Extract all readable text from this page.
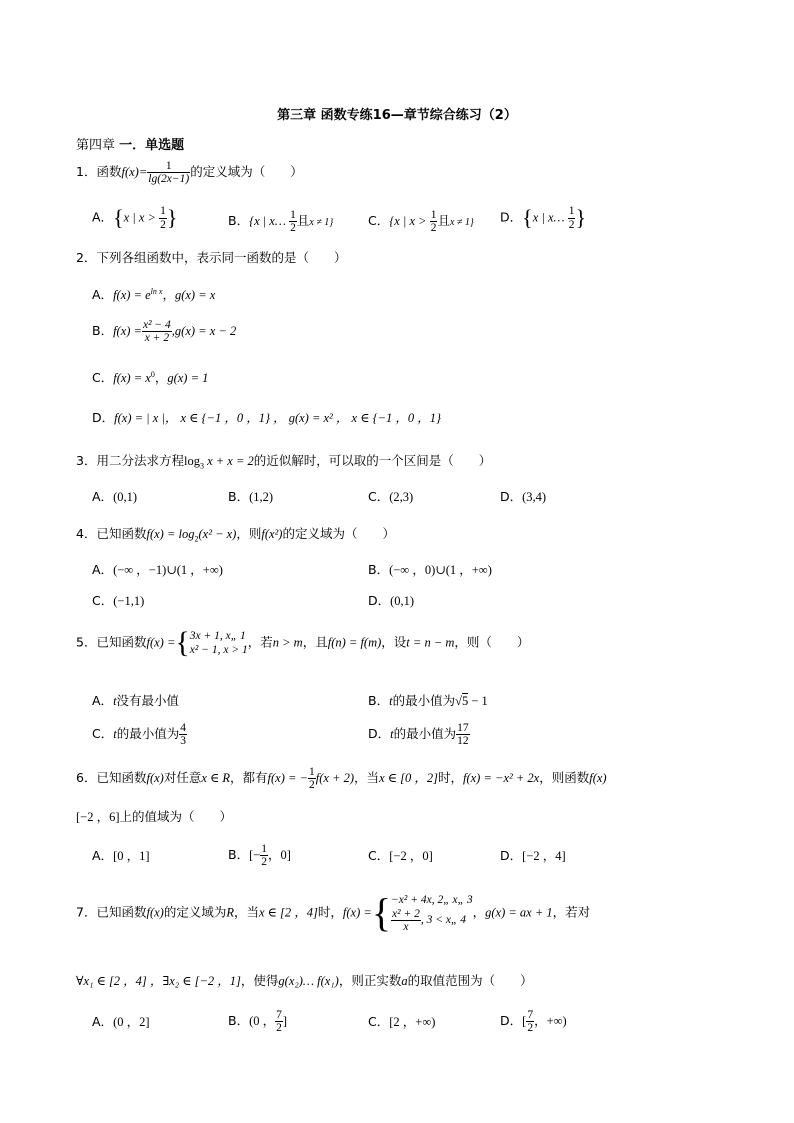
第三章 函数专练16—章节综合练习（2）
第四章 一．单选题
1．函数$f(x)= \frac{1}{\lg(2x-1)}$ 的定义域为（　　）
A．{x | $x > \frac{1}{2}$ }	B．{x | x… $\frac{1}{2}$ 且x ≠ 1}	C．{x | $x > \frac{1}{2}$ 且x ≠ 1} D．{x | x… $\frac{1}{2}$ }
2．下列各组函数中，表示同一函数的是（　　）
A．$f(x) = e^{ln x}$，g(x) = x
B．$f(x) = \frac{\text{x² − 4}}{x + 2} ,g(x) = x - 2$
C．$f(x) = x^0$，g(x) = 1
D．f(x) = | x |， x ∈ {−1 ，0 ，1} ， g(x) = x² ， x ∈ {−1 ，0 ，1}
3．用二分法求方程$\log_3 x + x = 2$的近似解时，可以取的一个区间是（　　）
A．(0,1)	B．(1,2)	C．(2,3)	D．(3,4)
4．已知函数$f(x) = \log_2(x^2 - x)$，则f(x²)的定义域为（　　）
A．(−∞ ，−1)∪(1 ，+∞)	B．(−∞ ，0)∪(1 ，+∞)
C．(−1,1)	D．(0,1)
5．已知函数f(x) ={ 3x + 1, x„ 1
x² − 1, x > 1
，若n > m，且f(n) = f(m)，设t = n − m，则（　　）
A．t没有最小值	B．t的最小值为√5 − 1
C．t的最小值为 $\frac{4}{3}$	D．t的最小值为 $\frac{17}{12}$
6．已知函数f(x)对任意x ∈ R，都有f(x) = − $\frac{1}{2} f(x + 2)$，当x ∈ [0 ，2]时，f(x) = −x² + 2x，则函数f(x)
[−2 ，6]上的值域为（　　）
A．[0 ，1]	B．[− $\frac{1}{2}$ ，0]	C．[−2 ，0]	D．[−2 ，4]
7．已知函数f(x)的定义域为R，当x ∈ [2 ，4]时，f(x) ={ −x² + 4x, 2„ x„ 3
$\frac{\text{x² + 2}}{x}$ , 3 < x„ 4
，g(x) = ax + 1，若对
∀x₁ ∈ [2 ，4] ，∃x₂ ∈ [−2 ，1]，使得g(x₂)… f(x₁)，则正实数a的取值范围为（　　）
A．(0 ，2]	B．(0 ， $\frac{7}{2}$ ]	C．[2 ，+∞)	D．[ $\frac{7}{2}$ ，+∞)
